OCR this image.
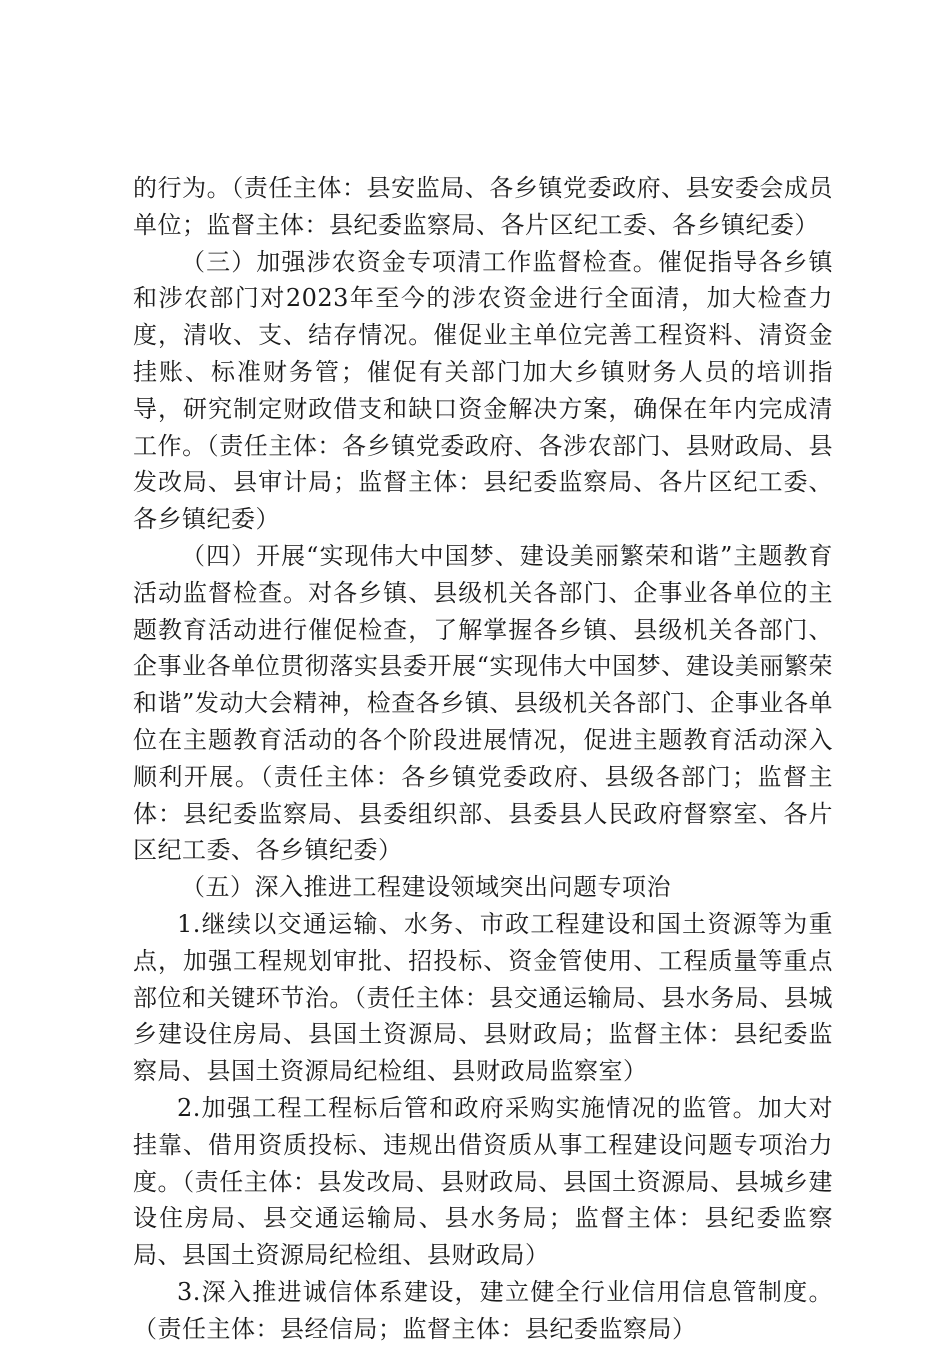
的行为。（责任主体：县安监局、各乡镇党委政府、县安委会成员单位；监督主体：县纪委监察局、各片区纪工委、各乡镇纪委）

（三）加强涉农资金专项清工作监督检查。催促指导各乡镇和涉农部门对2023年至今的涉农资金进行全面清，加大检查力度，清收、支、结存情况。催促业主单位完善工程资料、清资金挂账、标准财务管；催促有关部门加大乡镇财务人员的培训指导，研究制定财政借支和缺口资金解决方案，确保在年内完成清工作。（责任主体：各乡镇党委政府、各涉农部门、县财政局、县发改局、县审计局；监督主体：县纪委监察局、各片区纪工委、各乡镇纪委）

（四）开展“实现伟大中国梦、建设美丽繁荣和谐”主题教育活动监督检查。对各乡镇、县级机关各部门、企事业各单位的主题教育活动进行催促检查，了解掌握各乡镇、县级机关各部门、企事业各单位贯彻落实县委开展“实现伟大中国梦、建设美丽繁荣和谐”发动大会精神，检查各乡镇、县级机关各部门、企事业各单位在主题教育活动的各个阶段进展情况，促进主题教育活动深入顺利开展。（责任主体：各乡镇党委政府、县级各部门；监督主体：县纪委监察局、县委组织部、县委县人民政府督察室、各片区纪工委、各乡镇纪委）

（五）深入推进工程建设领域突出问题专项治

1.继续以交通运输、水务、市政工程建设和国土资源等为重点，加强工程规划审批、招投标、资金管使用、工程质量等重点部位和关键环节治。（责任主体：县交通运输局、县水务局、县城乡建设住房局、县国土资源局、县财政局；监督主体：县纪委监察局、县国土资源局纪检组、县财政局监察室）

2.加强工程工程标后管和政府采购实施情况的监管。加大对挂靠、借用资质投标、违规出借资质从事工程建设问题专项治力度。（责任主体：县发改局、县财政局、县国土资源局、县城乡建设住房局、县交通运输局、县水务局；监督主体：县纪委监察局、县国土资源局纪检组、县财政局）

3.深入推进诚信体系建设，建立健全行业信用信息管制度。（责任主体：县经信局；监督主体：县纪委监察局）
